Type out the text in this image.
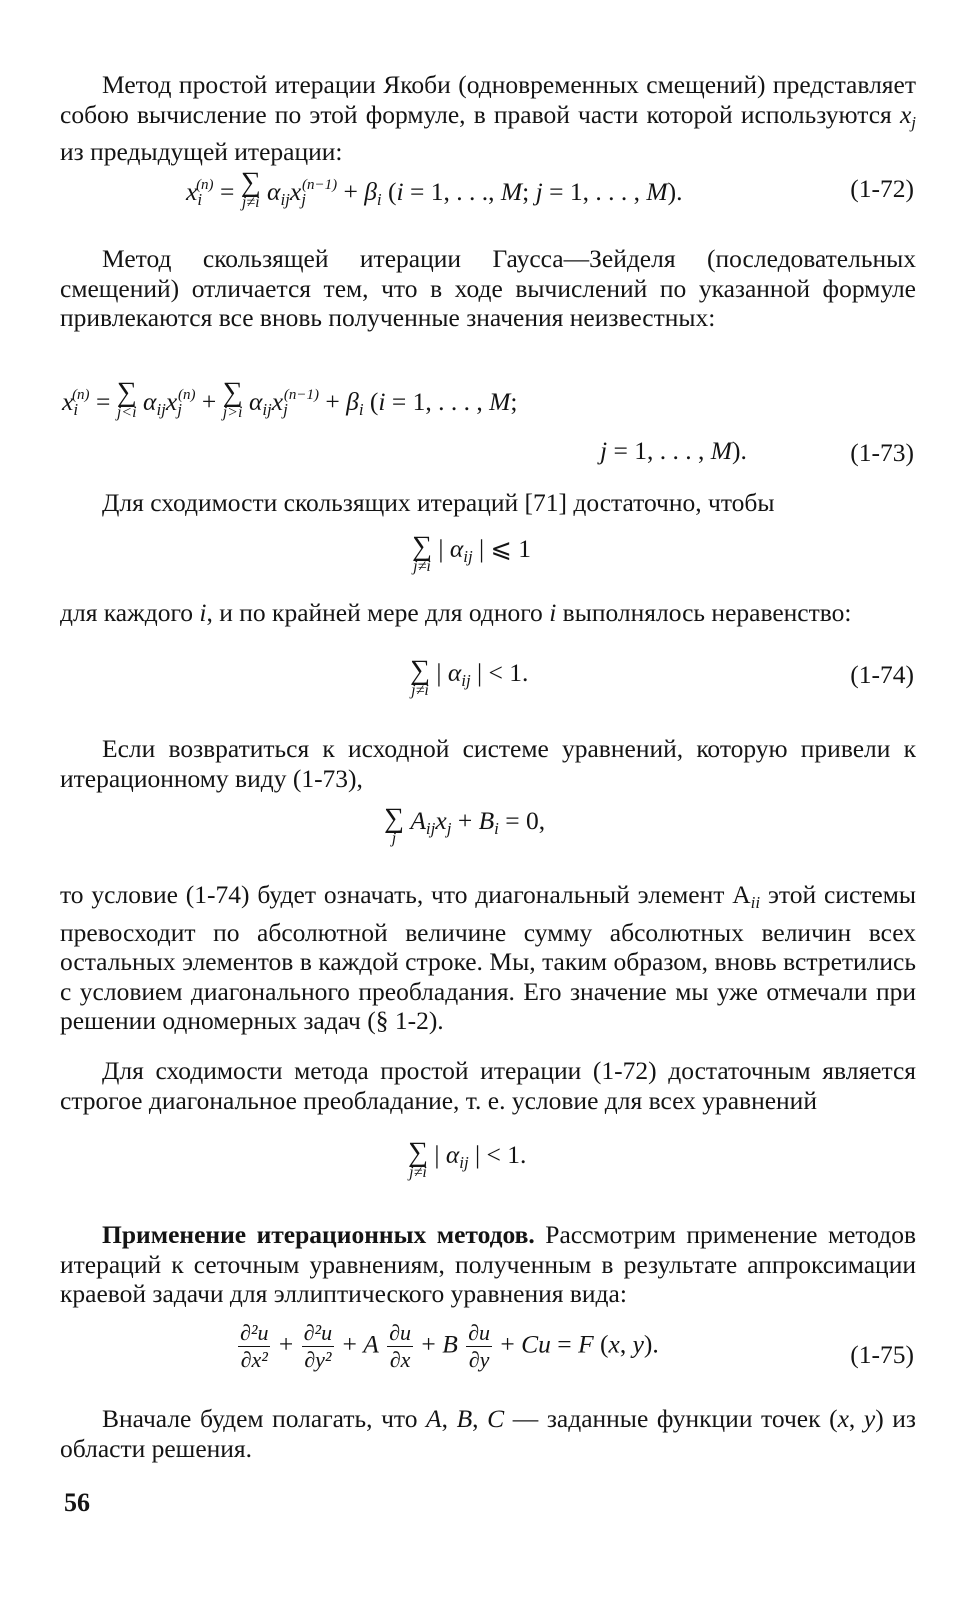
Метод простой итерации Якоби (одновременных смещений) представляет собою вычисление по этой формуле, в правой части которой используются $x_j$ из предыдущей итерации:

$x_i^{(n)}$ = ∑
j≠i $\alpha_{ij}x_j^{(n-1)} + \beta_i$ (i = 1, . . ., M; j = 1, . . . , M).	(1-72)

Метод скользящей итерации Гаусса—Зейделя (последовательных смещений) отличается тем, что в ходе вычислений по указанной формуле привлекаются все вновь полученные значения неизвестных:

$x_i^{(n)}$ = ∑
j<i $\alpha_{ij}x_j^{(n)}$ + ∑
j>i $\alpha_{ij}x_j^{(n-1)} + \beta_i$ (i = 1, . . . , M;
j = 1, . . . , M).	(1-73)

Для сходимости скользящих итераций [71] достаточно, чтобы

∑
j≠i
| $\alpha_{ij}$ | ⩽ 1

для каждого i, и по крайней мере для одного i выполнялось неравенство:

∑
j≠i
| $\alpha_{ij}$ | < 1.	(1-74)

Если возвратиться к исходной системе уравнений, которую привели к итерационному виду (1-73),

∑
j
$A_{ij}x_j + B_i = 0$,

то условие (1-74) будет означать, что диагональный элемент $A_{ii}$ этой системы превосходит по абсолютной величине сумму абсолютных величин всех остальных элементов в каждой строке. Мы, таким образом, вновь встретились с условием диагонального преобладания. Его значение мы уже отмечали при решении одномерных задач (§ 1-2).

Для сходимости метода простой итерации (1-72) достаточным является строгое диагональное преобладание, т. е. условие для всех уравнений

∑
j≠i
| $\alpha_{ij}$ | < 1.

Применение итерационных методов. Рассмотрим применение методов итераций к сеточным уравнениям, полученным в результате аппроксимации краевой задачи для эллиптического уравнения вида:

$\frac{\text{∂²u}}{\text{∂x²}} + \frac{\text{∂²u}}{\text{∂y²}} + A \frac{\partial u}{\partial x} + B \frac{\partial u}{\partial y} + Cu = F$ (x, y).	(1-75)

Вначале будем полагать, что A, B, C — заданные функции точек (x, y) из области решения.

56
